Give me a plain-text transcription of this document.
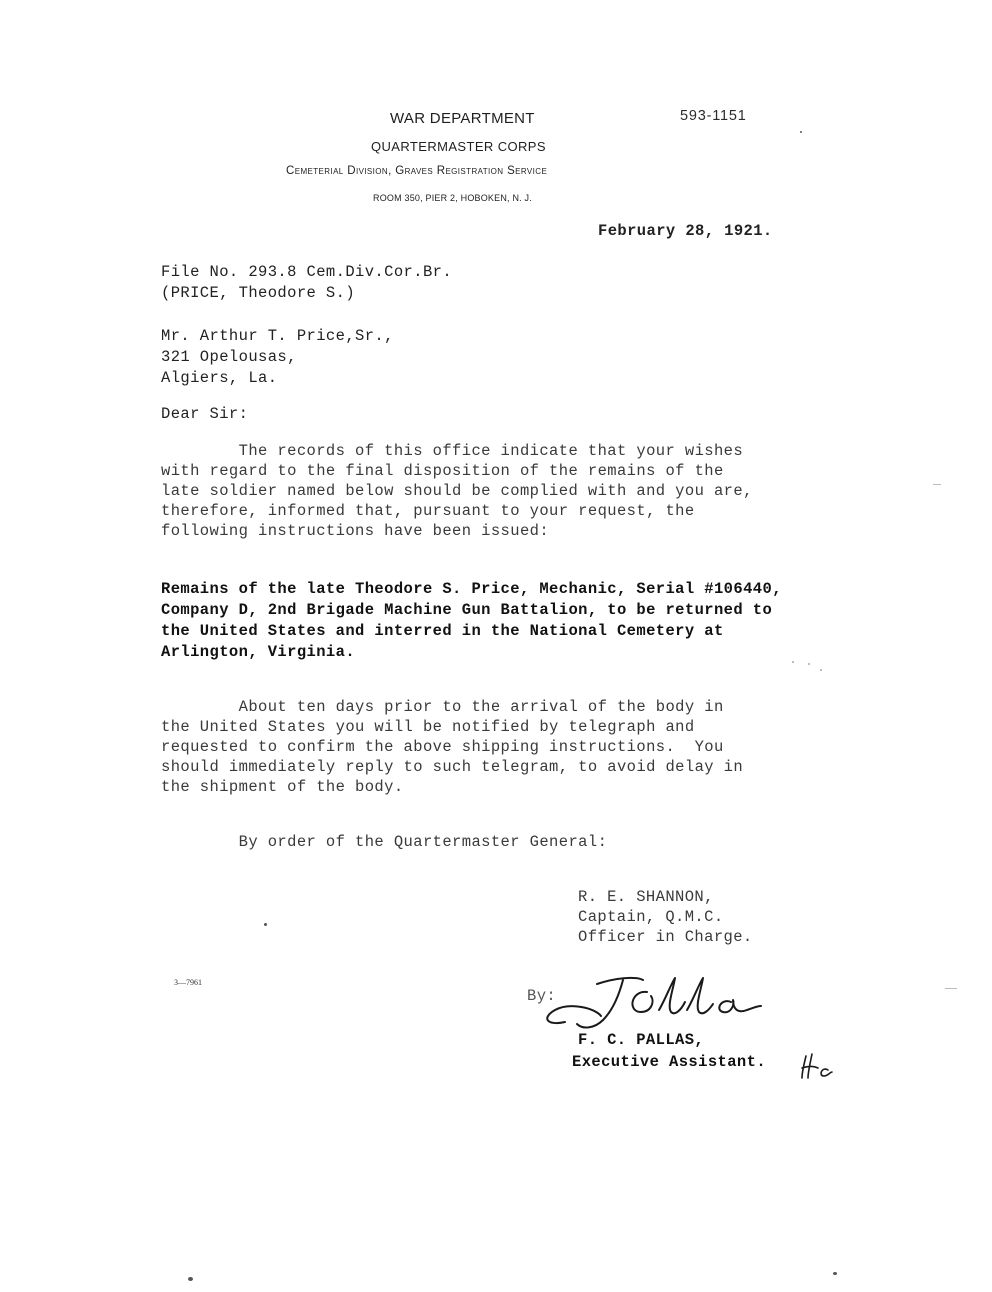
WAR DEPARTMENT
QUARTERMASTER CORPS
Cemeterial Division, Graves Registration Service
ROOM 350, PIER 2, HOBOKEN, N. J.
593-1151
February 28, 1921.
File No. 293.8 Cem.Div.Cor.Br.
(PRICE, Theodore S.)
Mr. Arthur T. Price,Sr.,
321 Opelousas,
Algiers, La.
Dear Sir:
The records of this office indicate that your wishes
with regard to the final disposition of the remains of the
late soldier named below should be complied with and you are,
therefore, informed that, pursuant to your request, the
following instructions have been issued:
Remains of the late Theodore S. Price, Mechanic, Serial #106440,
Company D, 2nd Brigade Machine Gun Battalion, to be returned to
the United States and interred in the National Cemetery at
Arlington, Virginia.
About ten days prior to the arrival of the body in
the United States you will be notified by telegraph and
requested to confirm the above shipping instructions.  You
should immediately reply to such telegram, to avoid delay in
the shipment of the body.
By order of the Quartermaster General:
R. E. SHANNON,
Captain, Q.M.C.
Officer in Charge.
3—7961
By:
F. C. PALLAS,
Executive Assistant.
